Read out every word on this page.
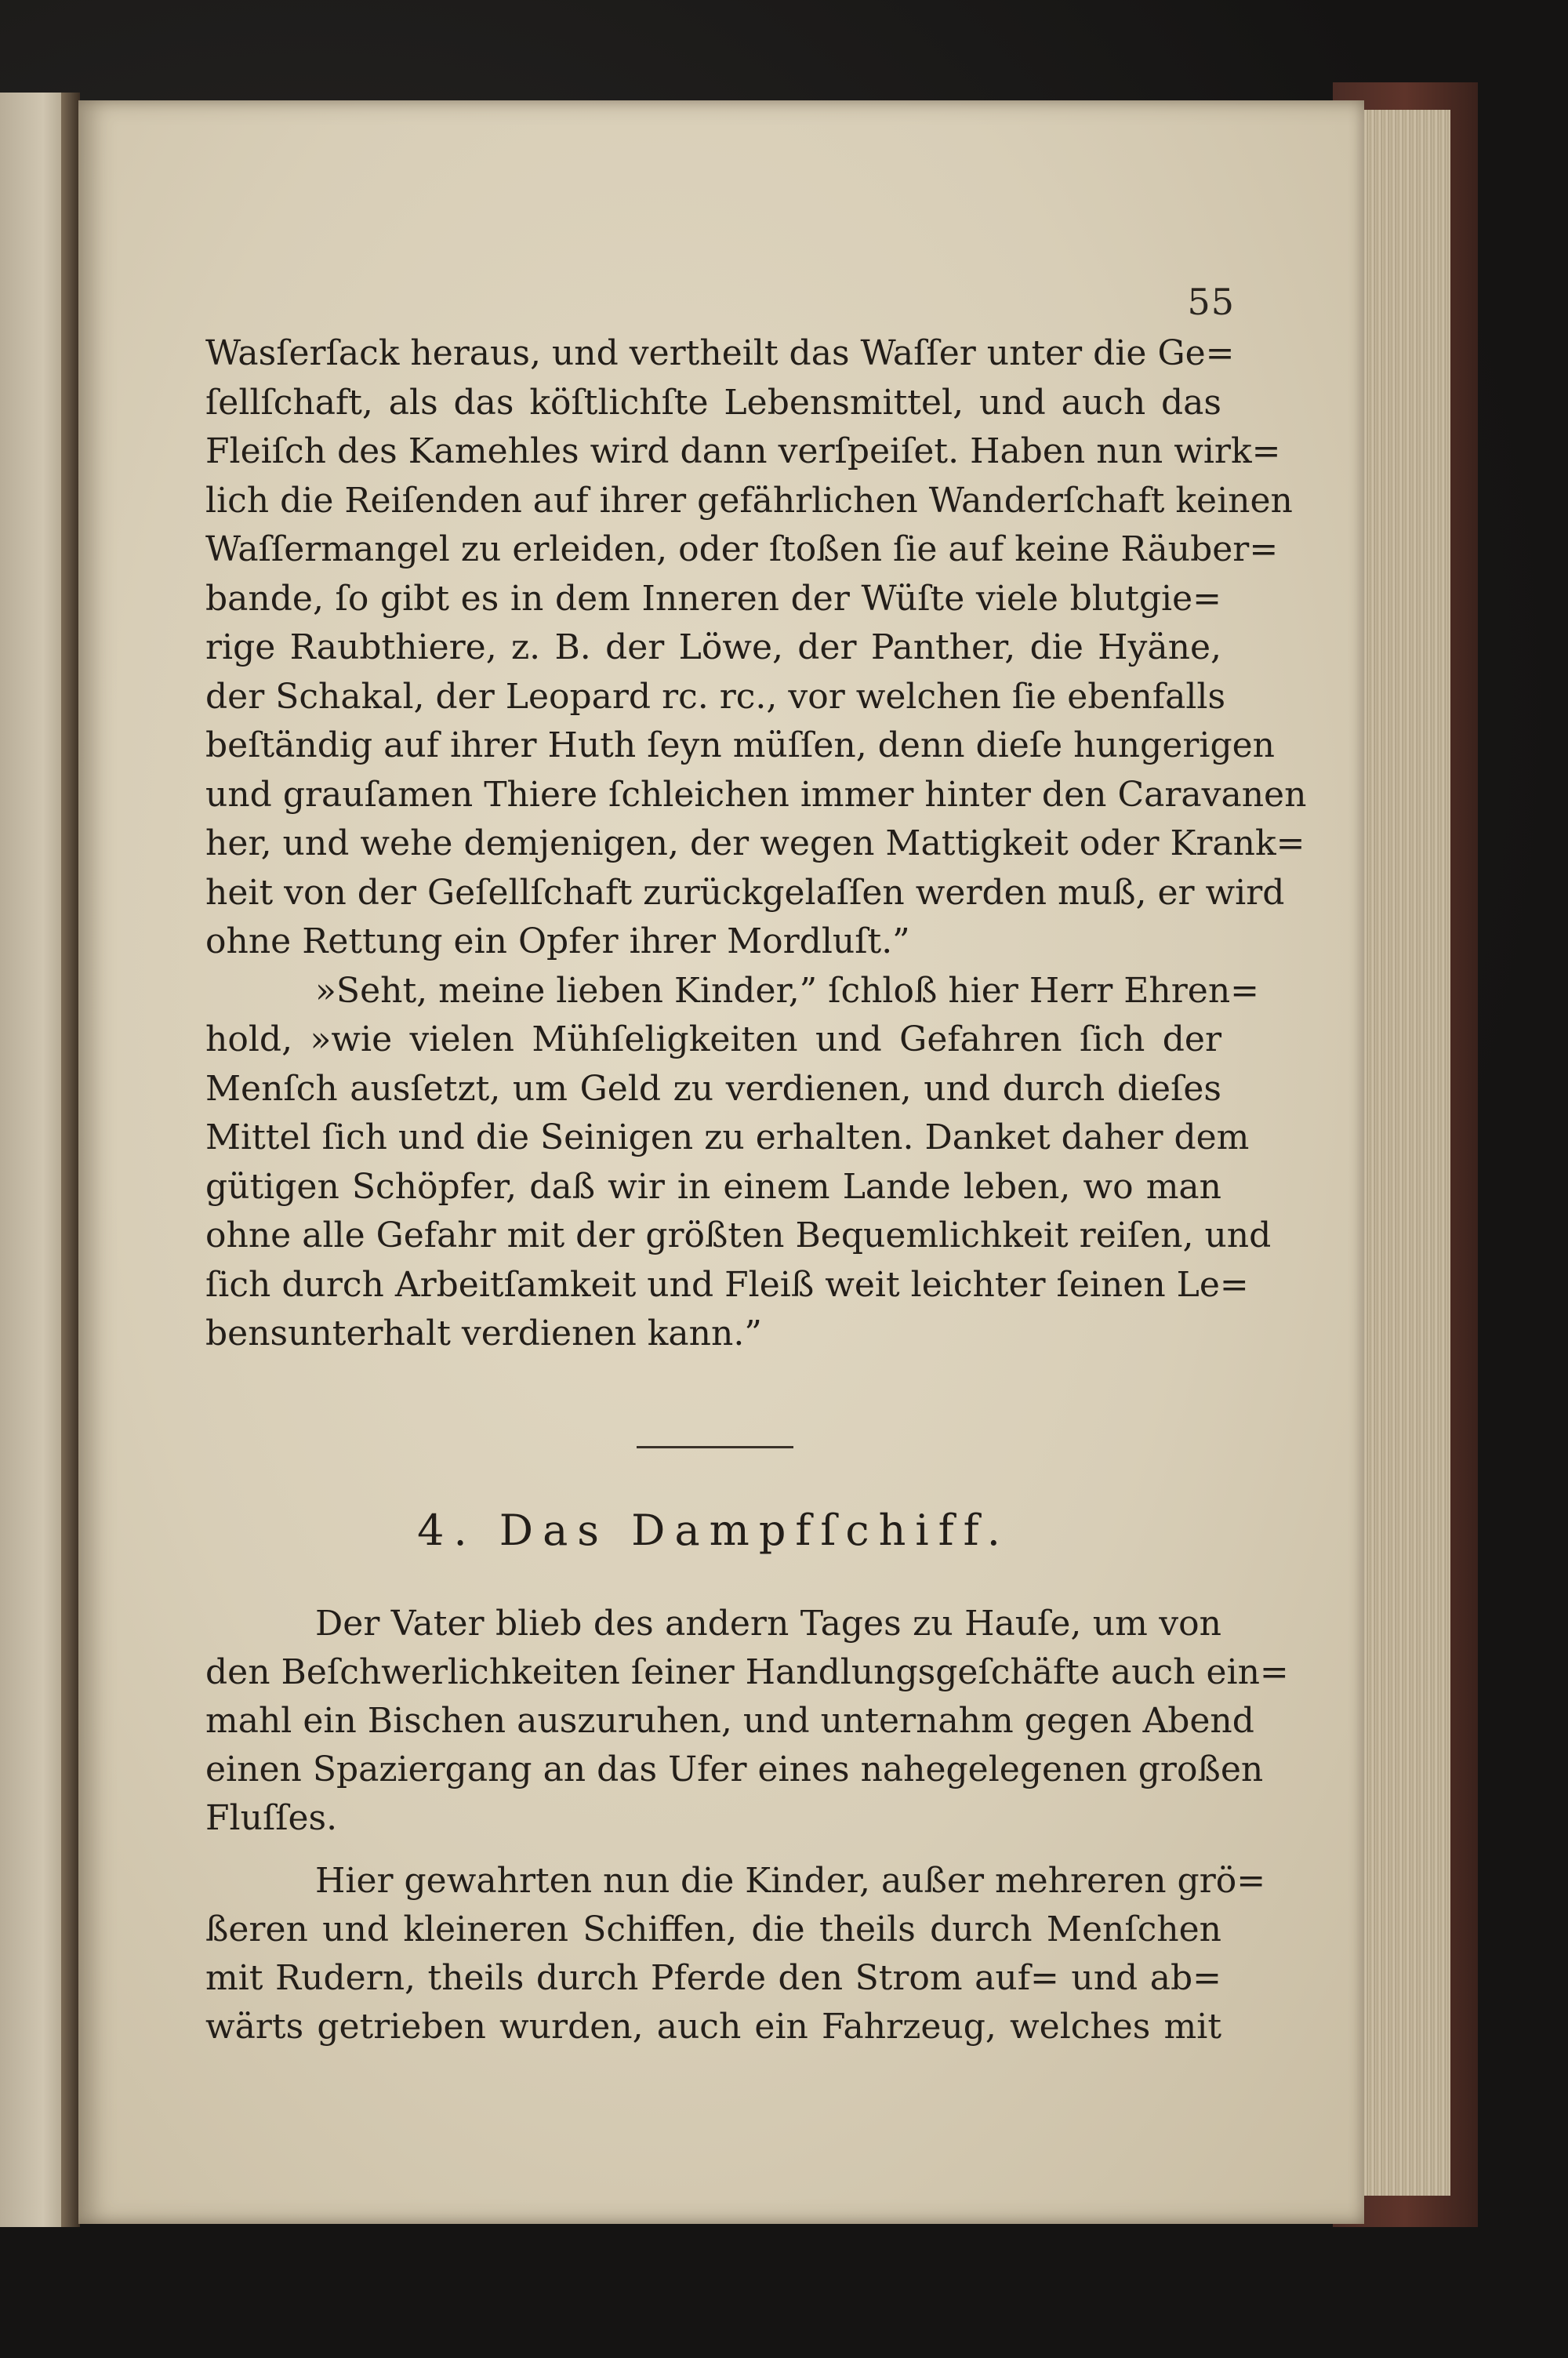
55
Wasſerſack heraus, und vertheilt das Waſſer unter die Ge=
ſellſchaft, als das köſtlichſte Lebensmittel, und auch das
Fleiſch des Kamehles wird dann verſpeiſet. Haben nun wirk=
lich die Reiſenden auf ihrer gefährlichen Wanderſchaft keinen
Waſſermangel zu erleiden, oder ſtoßen ſie auf keine Räuber=
bande, ſo gibt es in dem Inneren der Wüſte viele blutgie=
rige Raubthiere, z. B. der Löwe, der Panther, die Hyäne,
der Schakal, der Leopard rc. rc., vor welchen ſie ebenfalls
beſtändig auf ihrer Huth ſeyn müſſen, denn dieſe hungerigen
und grauſamen Thiere ſchleichen immer hinter den Caravanen
her, und wehe demjenigen, der wegen Mattigkeit oder Krank=
heit von der Geſellſchaft zurückgelaſſen werden muß, er wird
ohne Rettung ein Opfer ihrer Mordluſt.”
»Seht, meine lieben Kinder,” ſchloß hier Herr Ehren=
hold, »wie vielen Mühſeligkeiten und Gefahren ſich der
Menſch ausſetzt, um Geld zu verdienen, und durch dieſes
Mittel ſich und die Seinigen zu erhalten. Danket daher dem
gütigen Schöpfer, daß wir in einem Lande leben, wo man
ohne alle Gefahr mit der größten Bequemlichkeit reiſen, und
ſich durch Arbeitſamkeit und Fleiß weit leichter ſeinen Le=
bensunterhalt verdienen kann.”
4. Das Dampfſchiff.
Der Vater blieb des andern Tages zu Hauſe, um von
den Beſchwerlichkeiten ſeiner Handlungsgeſchäfte auch ein=
mahl ein Bischen auszuruhen, und unternahm gegen Abend
einen Spaziergang an das Ufer eines nahegelegenen großen
Fluſſes.
Hier gewahrten nun die Kinder, außer mehreren grö=
ßeren und kleineren Schiffen, die theils durch Menſchen
mit Rudern, theils durch Pferde den Strom auf= und ab=
wärts getrieben wurden, auch ein Fahrzeug, welches mit
